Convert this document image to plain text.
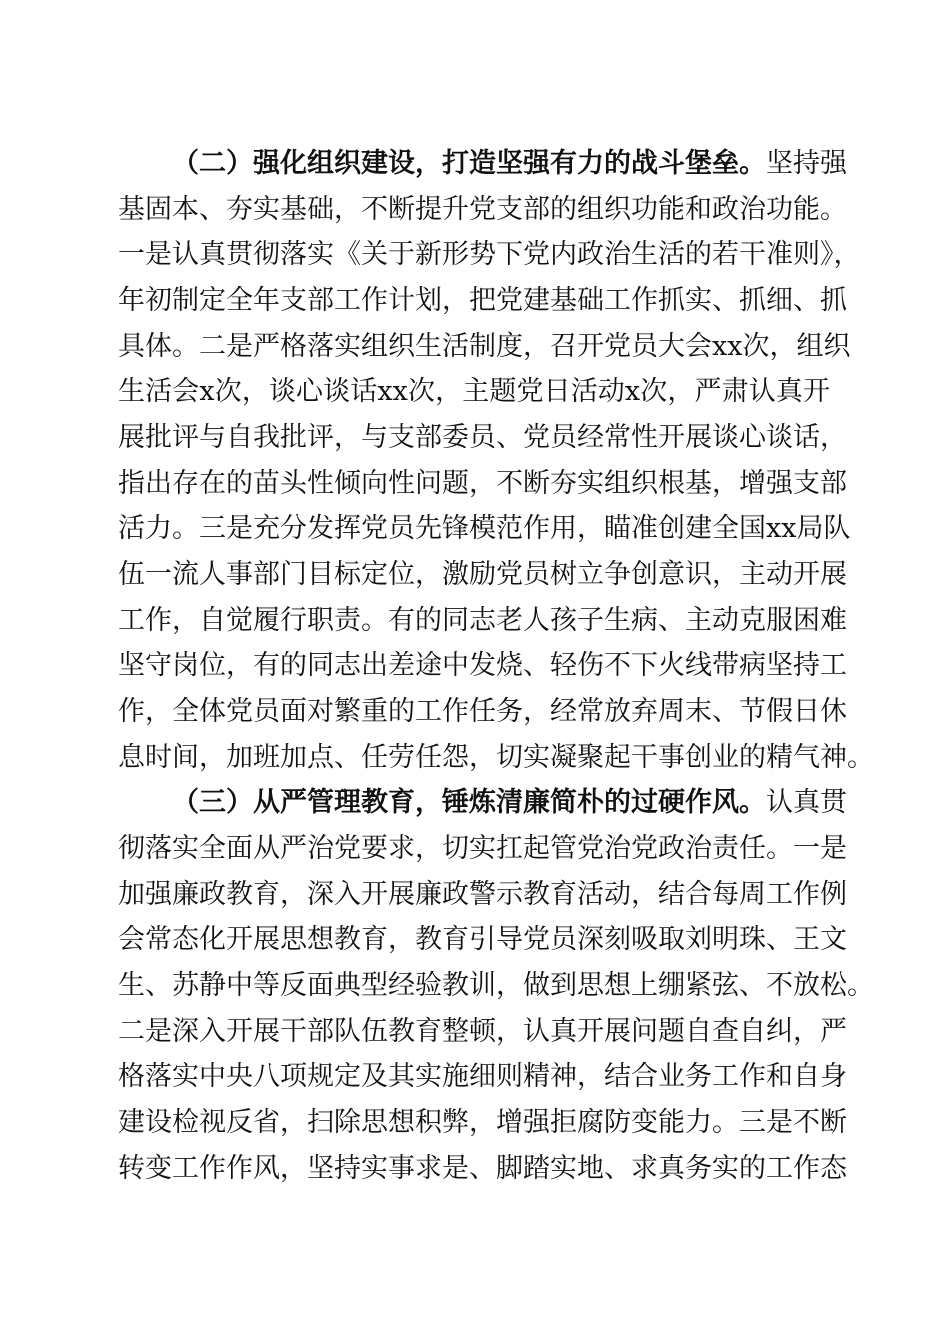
（二）强化组织建设，打造坚强有力的战斗堡垒。坚持强
基固本、夯实基础，不断提升党支部的组织功能和政治功能。
一是认真贯彻落实《关于新形势下党内政治生活的若干准则》，
年初制定全年支部工作计划，把党建基础工作抓实、抓细、抓
具体。二是严格落实组织生活制度，召开党员大会xx次，组织
生活会x次，谈心谈话xx次，主题党日活动x次，严肃认真开
展批评与自我批评，与支部委员、党员经常性开展谈心谈话，
指出存在的苗头性倾向性问题，不断夯实组织根基，增强支部
活力。三是充分发挥党员先锋模范作用，瞄准创建全国xx局队
伍一流人事部门目标定位，激励党员树立争创意识，主动开展
工作，自觉履行职责。有的同志老人孩子生病、主动克服困难
坚守岗位，有的同志出差途中发烧、轻伤不下火线带病坚持工
作，全体党员面对繁重的工作任务，经常放弃周末、节假日休
息时间，加班加点、任劳任怨，切实凝聚起干事创业的精气神。
（三）从严管理教育，锤炼清廉简朴的过硬作风。认真贯
彻落实全面从严治党要求，切实扛起管党治党政治责任。一是
加强廉政教育，深入开展廉政警示教育活动，结合每周工作例
会常态化开展思想教育，教育引导党员深刻吸取刘明珠、王文
生、苏静中等反面典型经验教训，做到思想上绷紧弦、不放松。
二是深入开展干部队伍教育整顿，认真开展问题自查自纠，严
格落实中央八项规定及其实施细则精神，结合业务工作和自身
建设检视反省，扫除思想积弊，增强拒腐防变能力。三是不断
转变工作作风，坚持实事求是、脚踏实地、求真务实的工作态
